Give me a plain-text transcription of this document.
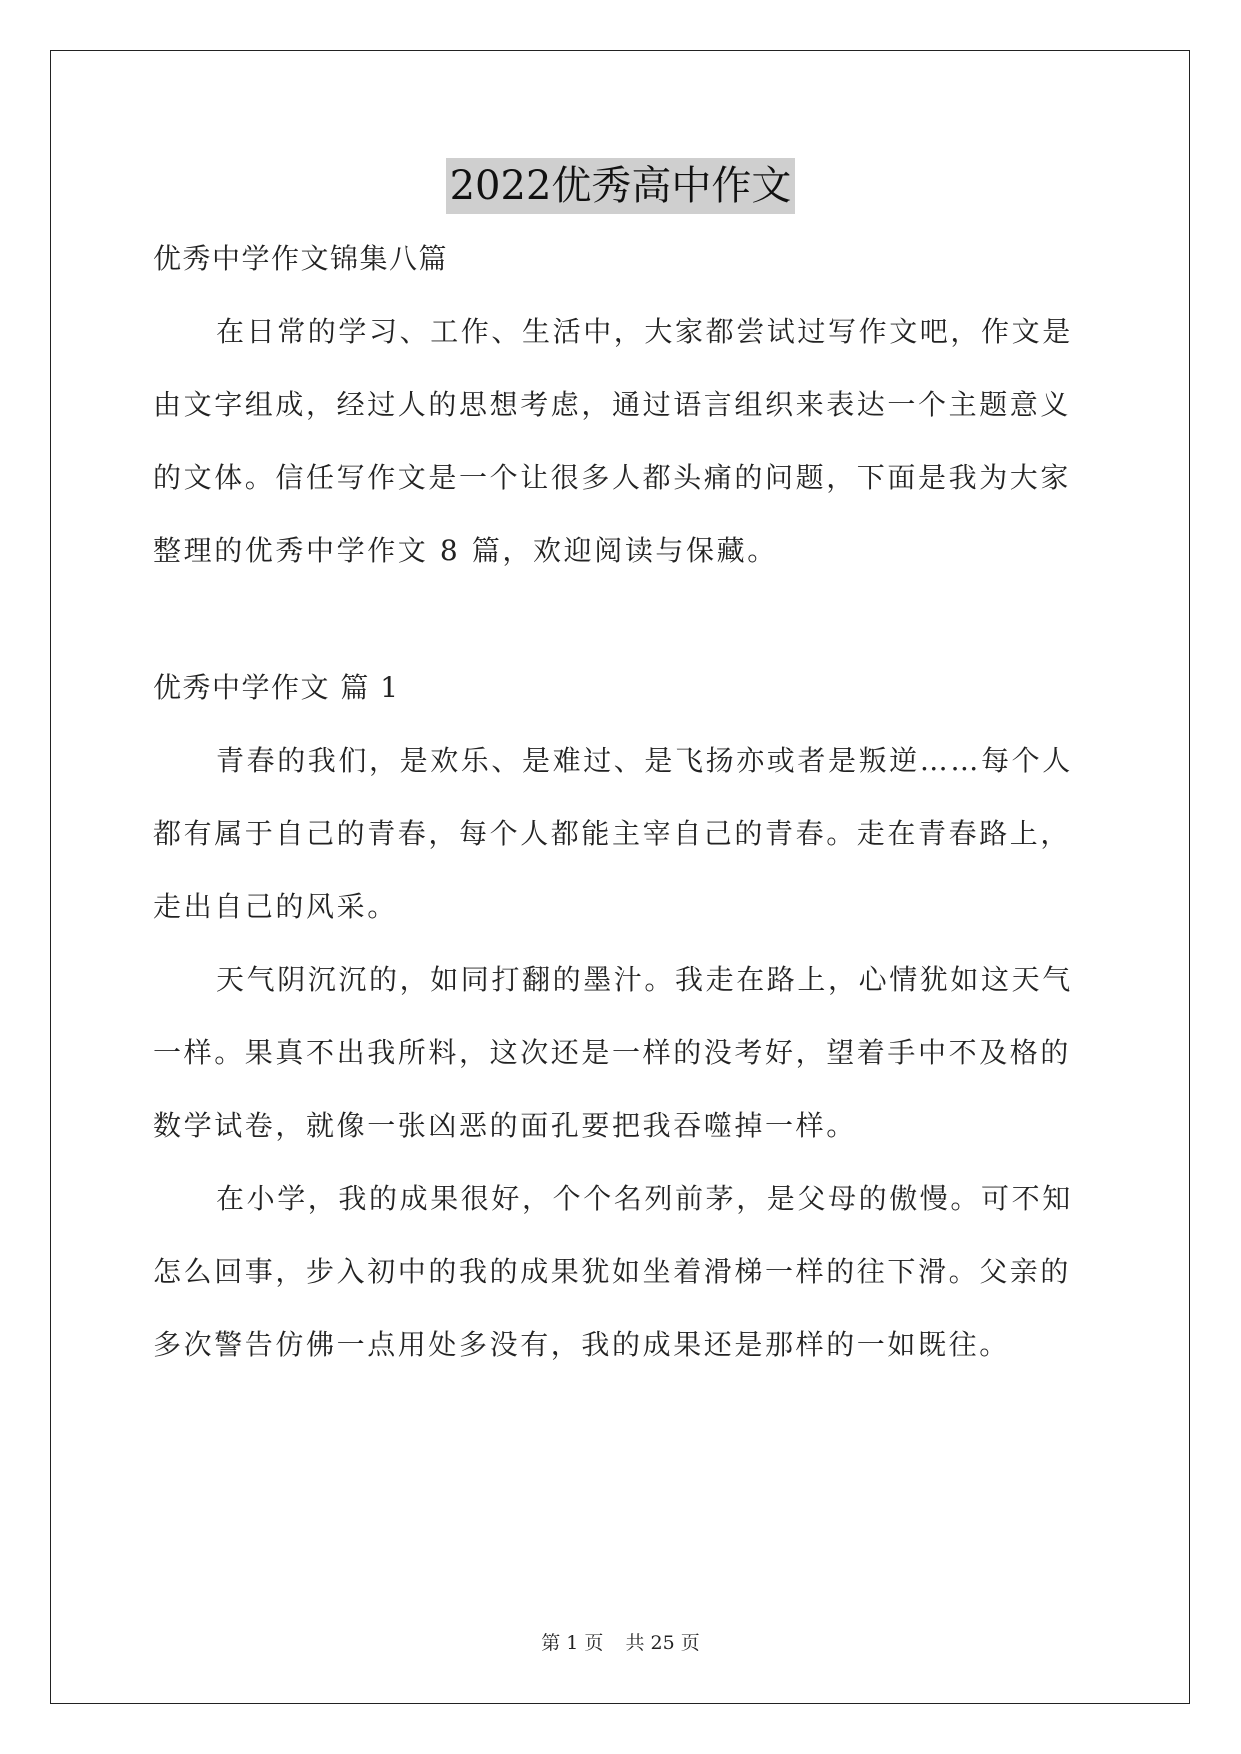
2022优秀高中作文
优秀中学作文锦集八篇
在日常的学习、工作、生活中，大家都尝试过写作文吧，作文是
由文字组成，经过人的思想考虑，通过语言组织来表达一个主题意义
的文体。信任写作文是一个让很多人都头痛的问题，下面是我为大家
整理的优秀中学作文 8 篇，欢迎阅读与保藏。
优秀中学作文 篇 1
青春的我们，是欢乐、是难过、是飞扬亦或者是叛逆……每个人
都有属于自己的青春，每个人都能主宰自己的青春。走在青春路上，
走出自己的风采。
天气阴沉沉的，如同打翻的墨汁。我走在路上，心情犹如这天气
一样。果真不出我所料，这次还是一样的没考好，望着手中不及格的
数学试卷，就像一张凶恶的面孔要把我吞噬掉一样。
在小学，我的成果很好，个个名列前茅，是父母的傲慢。可不知
怎么回事，步入初中的我的成果犹如坐着滑梯一样的往下滑。父亲的
多次警告仿佛一点用处多没有，我的成果还是那样的一如既往。
第 1 页 共 25 页
